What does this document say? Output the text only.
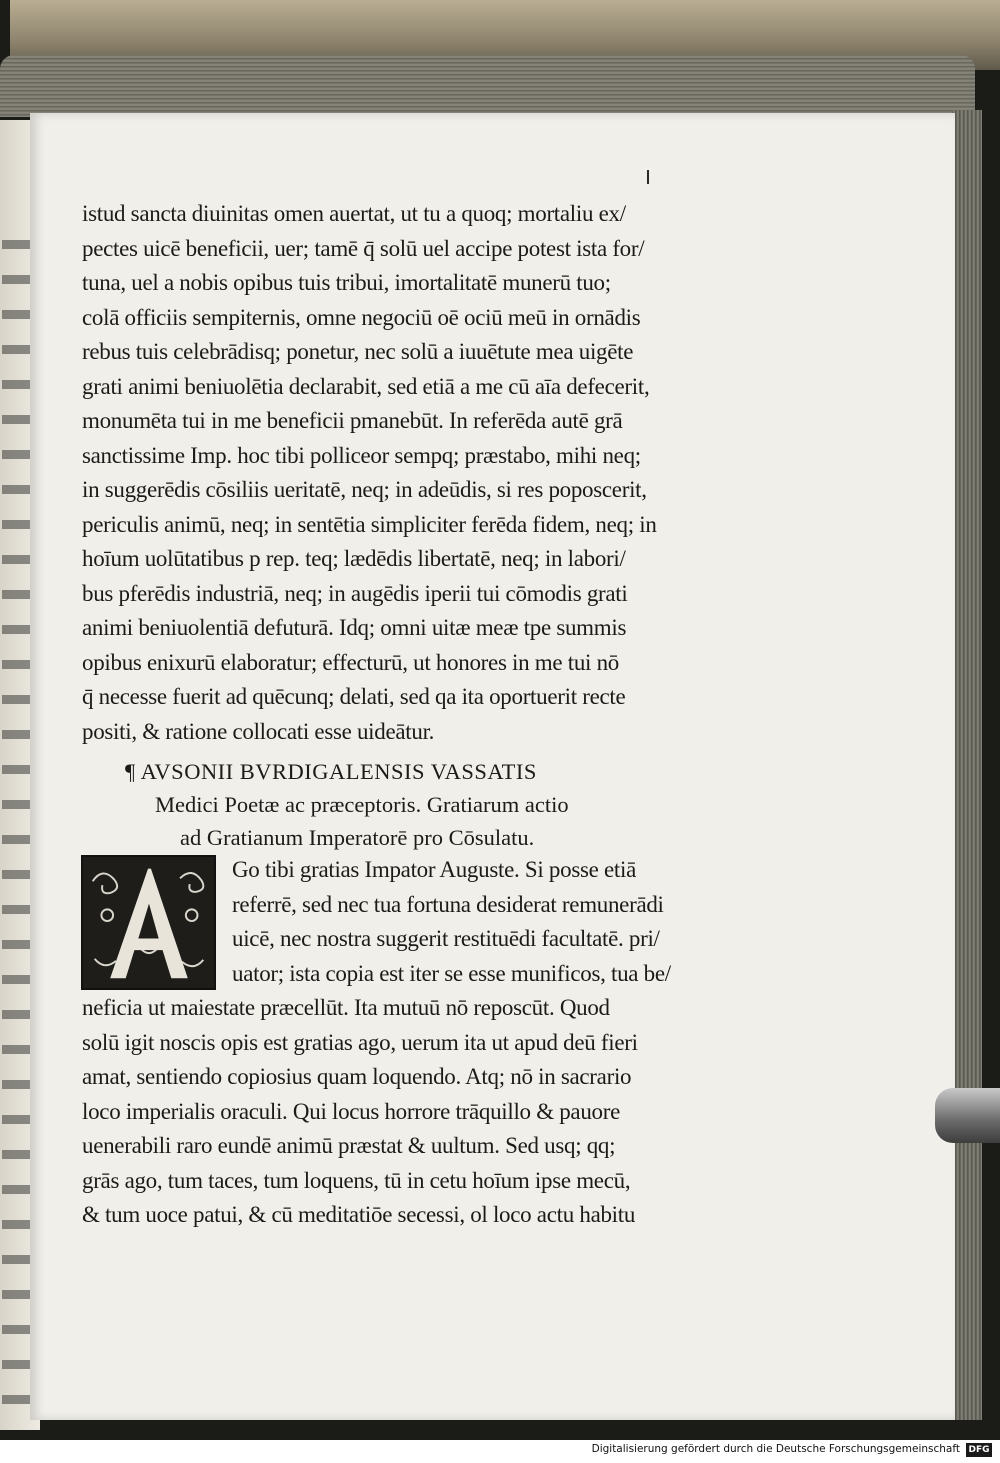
istud sancta diuinitas omen auertat, ut tu a quoq; mortaliu ex/
pectes uicē beneficii, uer; tamē q̄ solū uel accipe potest ista for/
tuna, uel a nobis opibus tuis tribui, imortalitatē munerū tuo;
colā officiis sempiternis, omne negociū oē ociū meū in ornādis
rebus tuis celebrādisq; ponetur, nec solū a iuuētute mea uigēte
grati animi beniuolētia declarabit, sed etiā a me cū aīa defecerit,
monumēta tui in me beneficii pmanebūt. In referēda autē grā
sanctissime Imp. hoc tibi polliceor sempq; præstabo, mihi neq;
in suggerēdis cōsiliis ueritatē, neq; in adeūdis, si res poposcerit,
periculis animū, neq; in sentētia simpliciter ferēda fidem, neq; in
hoīum uolūtatibus p rep. teq; lædēdis libertatē, neq; in labori/
bus pferēdis industriā, neq; in augēdis iperii tui cōmodis grati
animi beniuolentiā defuturā. Idq; omni uitæ meæ tpe summis
opibus enixurū elaboratur; effecturū, ut honores in me tui nō
q̄ necesse fuerit ad quēcunq; delati, sed qa ita oportuerit recte
positi, & ratione collocati esse uideātur.
¶ AVSONII BVRDIGALENSIS VASSATIS
Medici Poetæ ac præceptoris. Gratiarum actio
ad Gratianum Imperatorē pro Cōsulatu.
Go tibi gratias Impator Auguste. Si posse etiā
referrē, sed nec tua fortuna desiderat remunerādi
uicē, nec nostra suggerit restituēdi facultatē. pri/
uator; ista copia est iter se esse munificos, tua be/
neficia ut maiestate præcellūt. Ita mutuū nō reposcūt. Quod
solū igit noscis opis est gratias ago, uerum ita ut apud deū fieri
amat, sentiendo copiosius quam loquendo. Atq; nō in sacrario
loco imperialis oraculi. Qui locus horrore trāquillo & pauore
uenerabili raro eundē animū præstat & uultum. Sed usq; qq;
grās ago, tum taces, tum loquens, tū in cetu hoīum ipse mecū,
& tum uoce patui, & cū meditatiōe secessi, ol loco actu habitu
Digitalisierung gefördert durch die Deutsche Forschungsgemeinschaft DFG
